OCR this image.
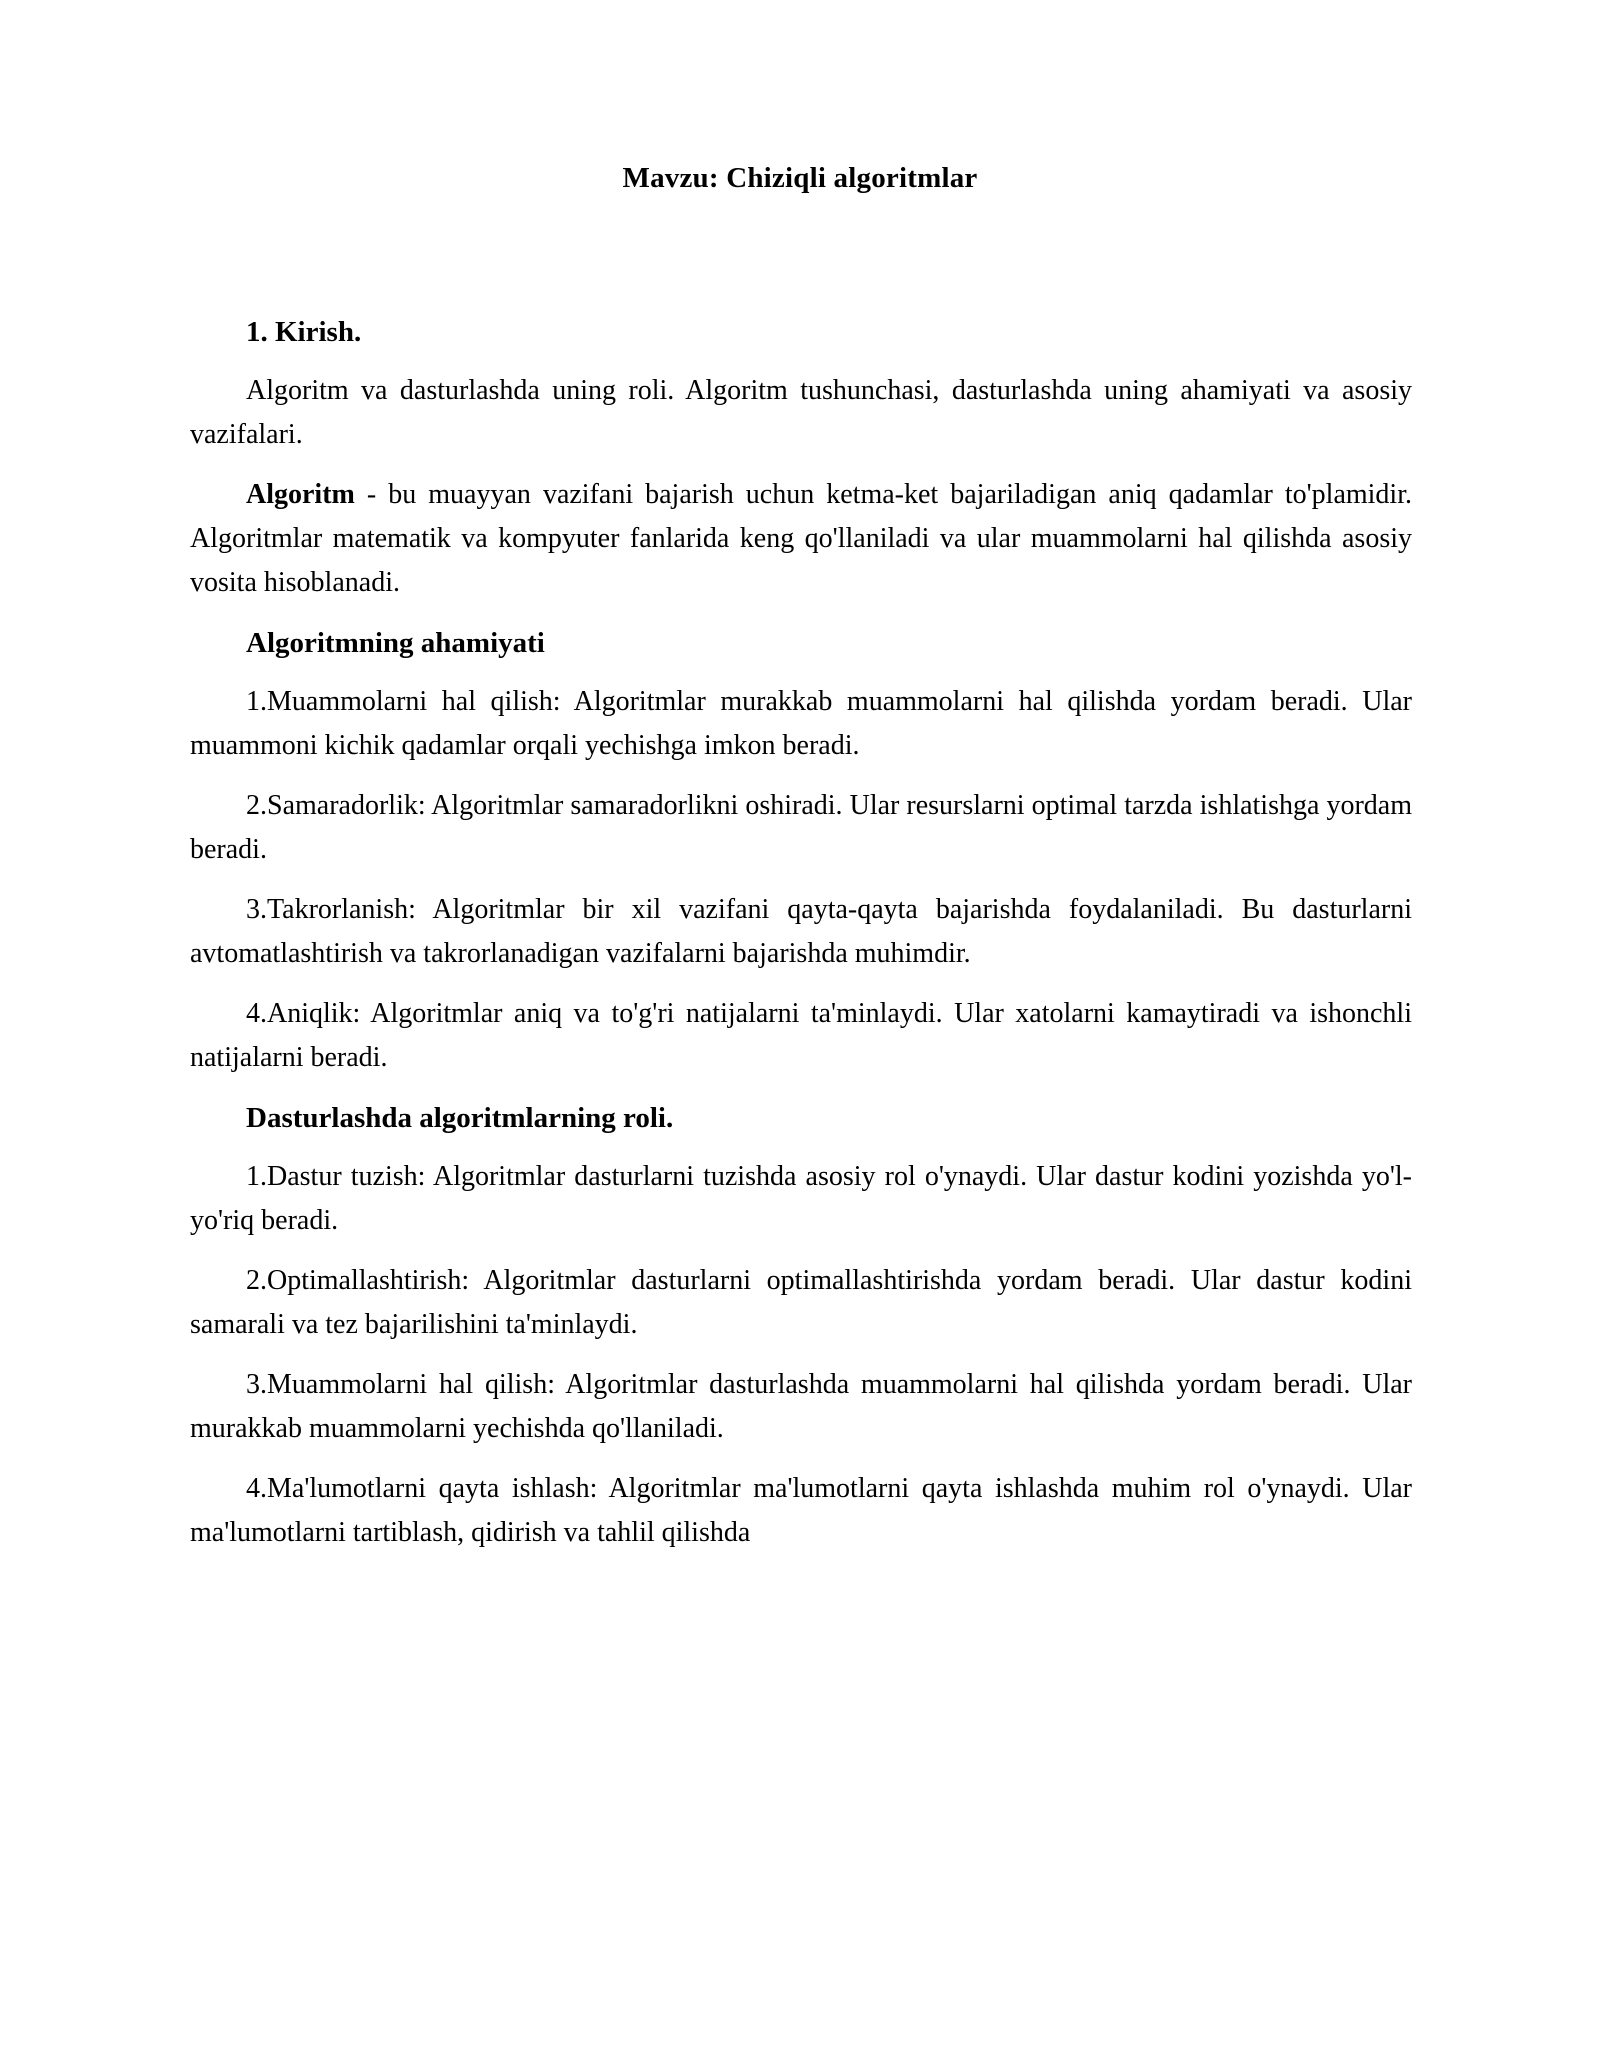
Mavzu: Chiziqli algoritmlar

1. Kirish.

Algoritm va dasturlashda uning roli. Algoritm tushunchasi, dasturlashda uning ahamiyati va asosiy vazifalari.

Algoritm - bu muayyan vazifani bajarish uchun ketma-ket bajariladigan aniq qadamlar to'plamidir. Algoritmlar matematik va kompyuter fanlarida keng qo'llaniladi va ular muammolarni hal qilishda asosiy vosita hisoblanadi.

Algoritmning ahamiyati

1.Muammolarni hal qilish: Algoritmlar murakkab muammolarni hal qilishda yordam beradi. Ular muammoni kichik qadamlar orqali yechishga imkon beradi.

2.Samaradorlik: Algoritmlar samaradorlikni oshiradi. Ular resurslarni optimal tarzda ishlatishga yordam beradi.

3.Takrorlanish: Algoritmlar bir xil vazifani qayta-qayta bajarishda foydalaniladi. Bu dasturlarni avtomatlashtirish va takrorlanadigan vazifalarni bajarishda muhimdir.

4.Aniqlik: Algoritmlar aniq va to'g'ri natijalarni ta'minlaydi. Ular xatolarni kamaytiradi va ishonchli natijalarni beradi.

Dasturlashda algoritmlarning roli.

1.Dastur tuzish: Algoritmlar dasturlarni tuzishda asosiy rol o'ynaydi. Ular dastur kodini yozishda yo'l-yo'riq beradi.

2.Optimallashtirish: Algoritmlar dasturlarni optimallashtirishda yordam beradi. Ular dastur kodini samarali va tez bajarilishini ta'minlaydi.

3.Muammolarni hal qilish: Algoritmlar dasturlashda muammolarni hal qilishda yordam beradi. Ular murakkab muammolarni yechishda qo'llaniladi.

4.Ma'lumotlarni qayta ishlash: Algoritmlar ma'lumotlarni qayta ishlashda muhim rol o'ynaydi. Ular ma'lumotlarni tartiblash, qidirish va tahlil qilishda
